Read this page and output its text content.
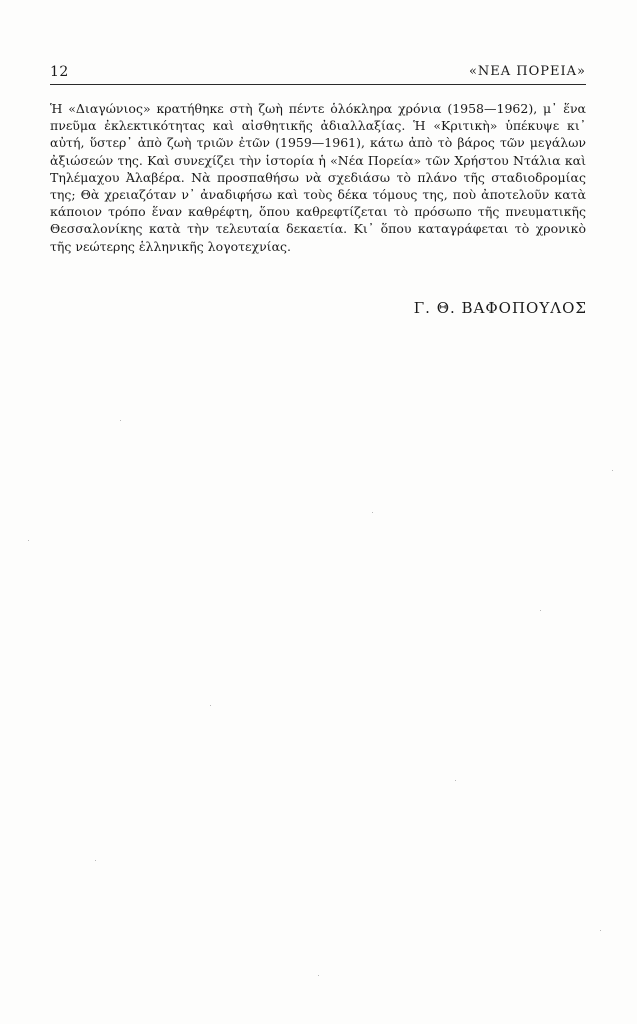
12	«ΝΕΑ ΠΟΡΕΙΑ»

Ἡ «Διαγώνιος» κρατήθηκε στὴ ζωὴ πέντε ὁλόκληρα χρόνια (1958—1962), μ᾿ ἕνα πνεῦμα ἐκλεκτικότητας καὶ αἰσθητικῆς ἀδιαλλαξίας. Ἡ «Κριτικὴ» ὑπέκυψε κι᾿ αὐτή, ὕστερ᾿ ἀπὸ ζωὴ τριῶν ἐτῶν (1959—1961), κάτω ἀπὸ τὸ βάρος τῶν μεγάλων ἀξιώσεών της. Καὶ συνεχίζει τὴν ἱστορία ἡ «Νέα Πορεία» τῶν Χρήστου Ντάλια καὶ Τηλέμαχου Ἀλαβέρα. Νὰ προσπαθήσω νὰ σχεδιάσω τὸ πλάνο τῆς σταδιοδρομίας της; Θὰ χρειαζόταν ν᾿ ἀναδιφήσω καὶ τοὺς δέκα τόμους της, ποὺ ἀποτελοῦν κατὰ κάποιον τρόπο ἕναν καθρέφτη, ὅπου καθρεφτίζεται τὸ πρόσωπο τῆς πνευματικῆς Θεσσαλονίκης κατὰ τὴν τελευταία δεκαετία. Κι᾿ ὅπου καταγράφεται τὸ χρονικὸ τῆς νεώτερης ἑλληνικῆς λογοτεχνίας.

Γ. Θ. ΒΑΦΟΠΟΥΛΟΣ
